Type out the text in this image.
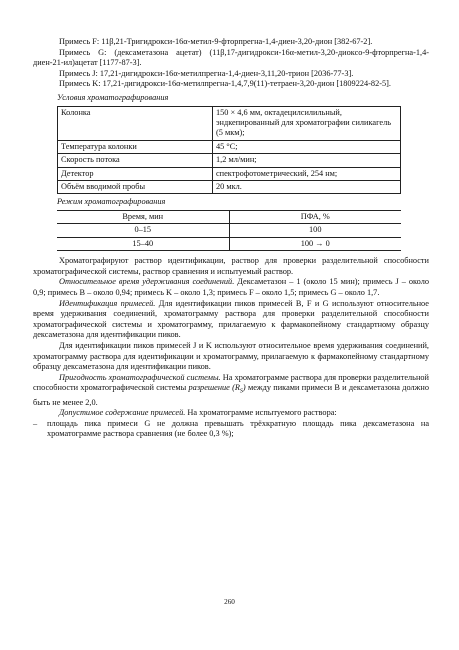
Примесь F: 11β,21-Тригидрокси-16α-метил-9-фторпрегна-1,4-диен-3,20-дион [382-67-2].

Примесь G: (дексаметазона ацетат) (11β,17-дигидрокси-16α-метил-3,20-диоксо-9-фторпрегна-1,4-диен-21-ил)ацетат [1177-87-3].

Примесь J: 17,21-дигидрокси-16α-метилпрегна-1,4-диен-3,11,20-трион [2036-77-3].

Примесь K: 17,21-дигидрокси-16α-метилпрегна-1,4,7,9(11)-тетраен-3,20-дион [1809224-82-5].

Условия хроматографирования
Колонка	150 × 4,6 мм, октадецилсилильный, эндкепированный для хроматографии силикагель (5 мкм);
Температура колонки	45 °С;
Скорость потока	1,2 мл/мин;
Детектор	спектрофотометрический, 254 нм;
Объём вводимой пробы	20 мкл.
Режим хроматографирования
Время, мин	ПФА, %
0–15	100
15–40	100 → 0

Хроматографируют раствор идентификации, раствор для проверки разделительной способности хроматографической системы, раствор сравнения и испытуемый раствор.

Относительное время удерживания соединений. Дексаметазон – 1 (около 15 мин); примесь J – около 0,9; примесь B – около 0,94; примесь K – около 1,3; примесь F – около 1,5; примесь G – около 1,7.

Идентификация примесей. Для идентификации пиков примесей B, F и G используют относительное время удерживания соединений, хроматограмму раствора для проверки разделительной способности хроматографической системы и хроматограмму, прилагаемую к фармакопейному стандартному образцу дексаметазона для идентификации пиков.

Для идентификации пиков примесей J и K используют относительное время удерживания соединений, хроматограмму раствора для идентификации и хроматограмму, прилагаемую к фармакопейному стандартному образцу дексаметазона для идентификации пиков.

Пригодность хроматографической системы. На хроматограмме раствора для проверки разделительной способности хроматографической системы разрешение $(R_S)$ между пиками примеси B и дексаметазона должно быть не менее 2,0.

Допустимое содержание примесей. На хроматограмме испытуемого раствора:

–	площадь пика примеси G не должна превышать трёхкратную площадь пика дексаметазона на хроматограмме раствора сравнения (не более 0,3 %);
260
